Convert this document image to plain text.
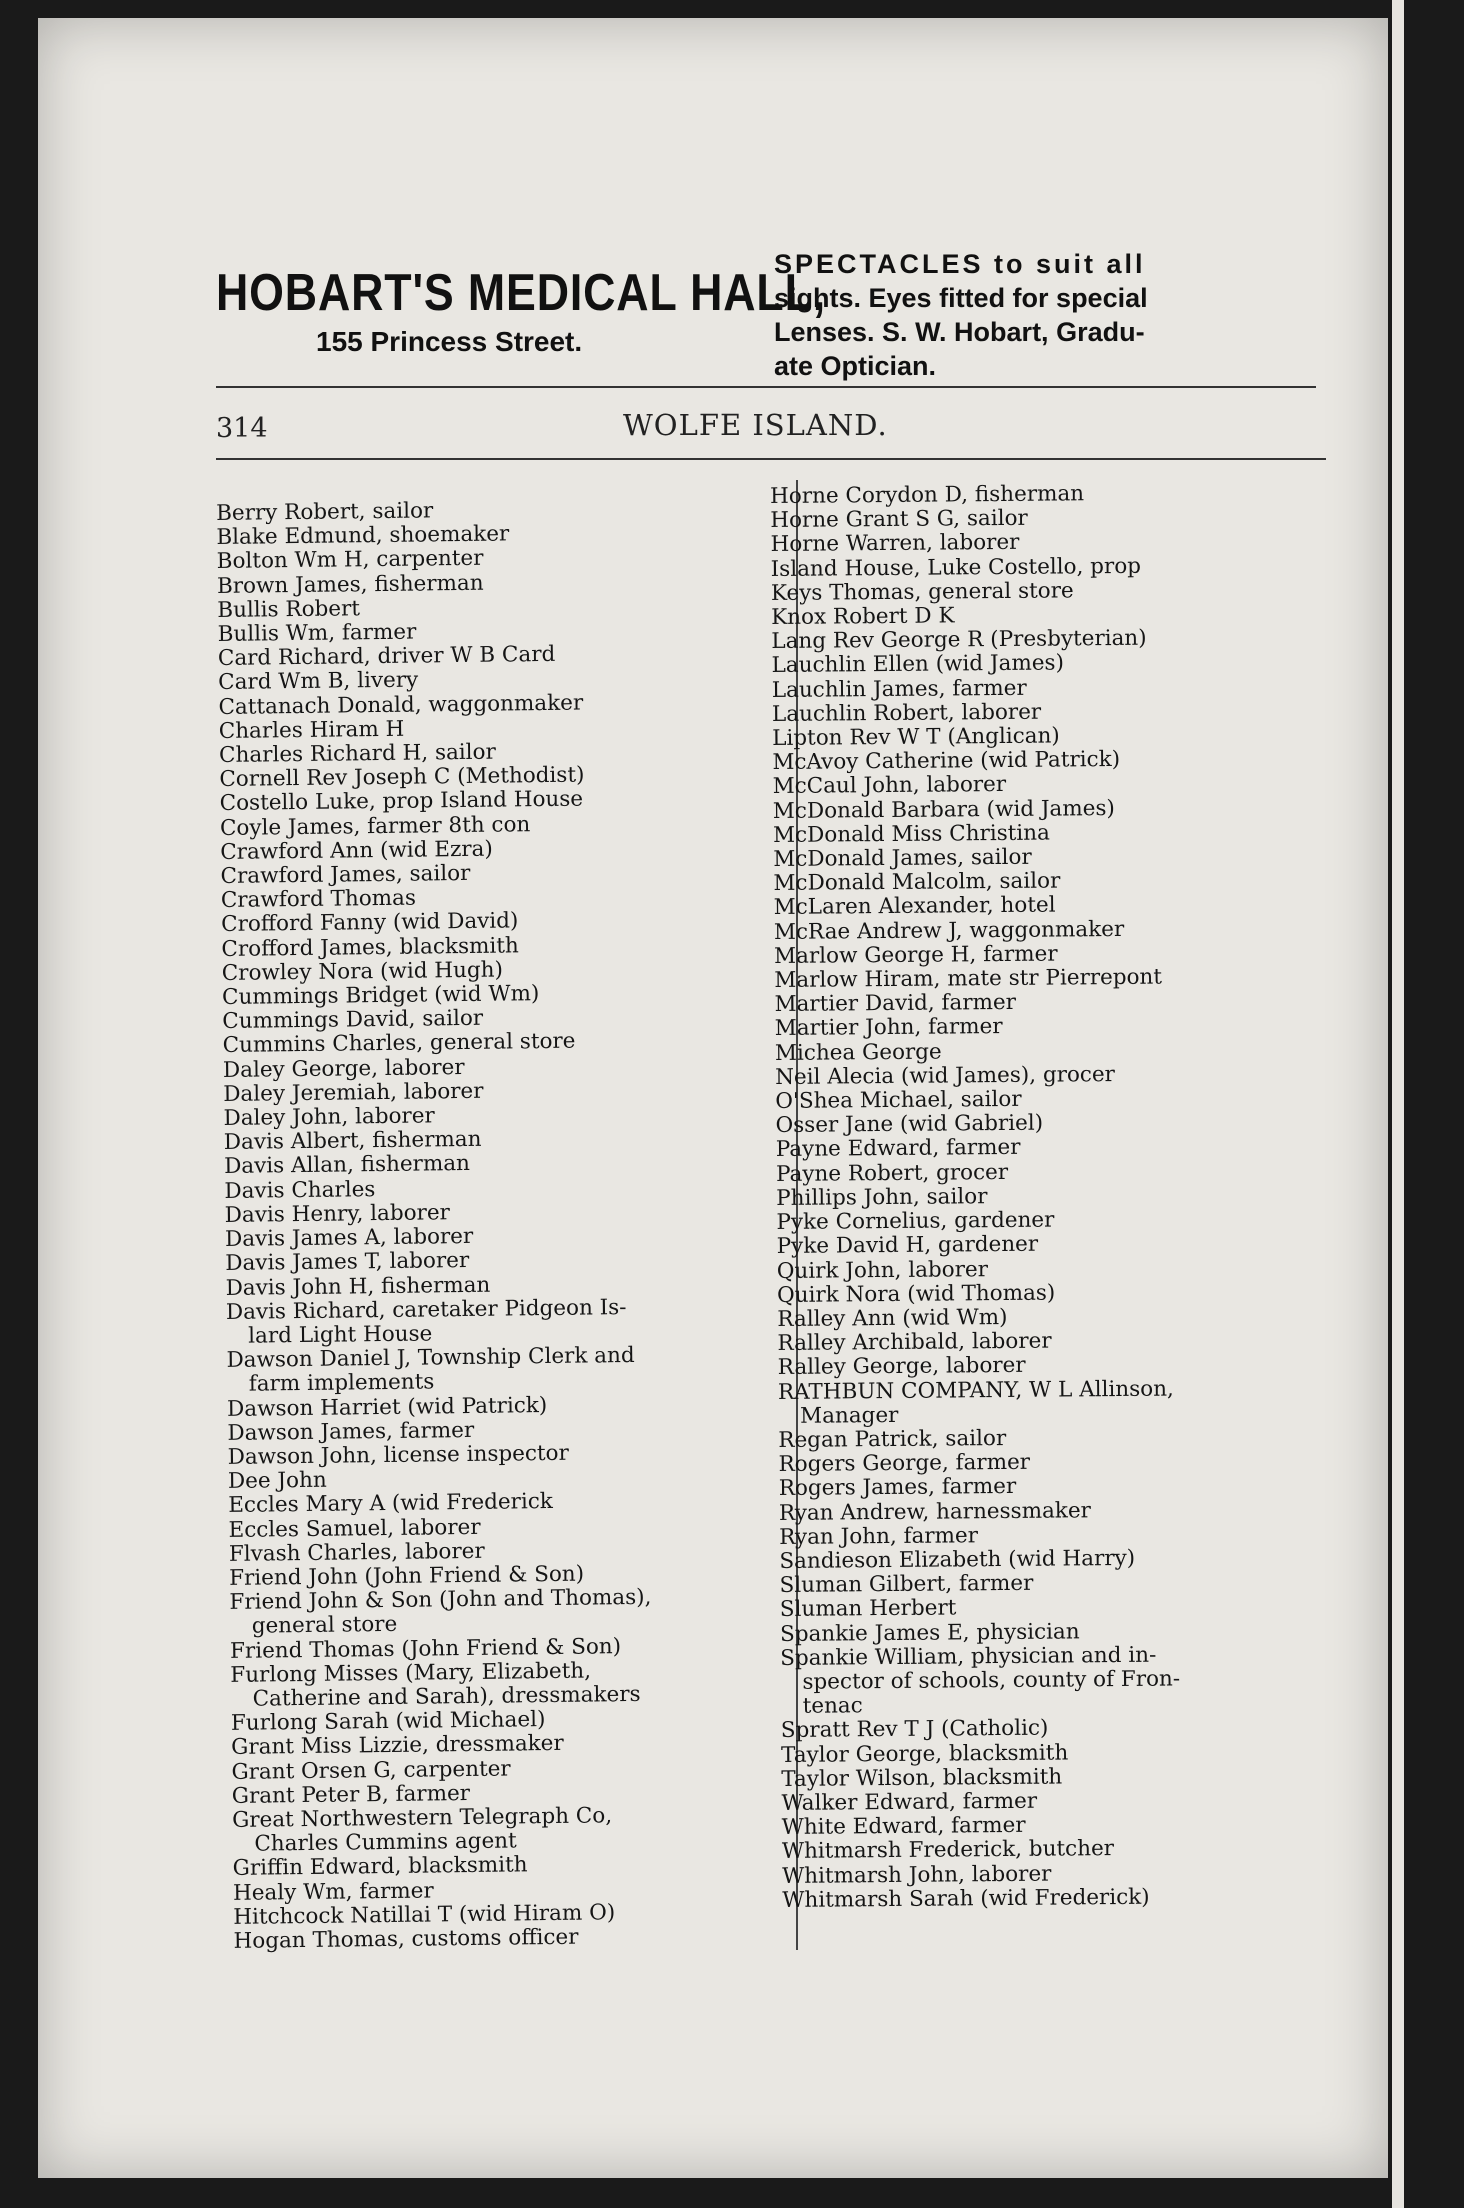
HOBART'S MEDICAL HALL,
155 Princess Street.
SPECTACLES to suit all
sights. Eyes fitted for special
Lenses. S. W. Hobart, Gradu-
ate Optician.
314	WOLFE ISLAND.
Berry Robert, sailor
Blake Edmund, shoemaker
Bolton Wm H, carpenter
Brown James, fisherman
Bullis Robert
Bullis Wm, farmer
Card Richard, driver W B Card
Card Wm B, livery
Cattanach Donald, waggonmaker
Charles Hiram H
Charles Richard H, sailor
Cornell Rev Joseph C (Methodist)
Costello Luke, prop Island House
Coyle James, farmer 8th con
Crawford Ann (wid Ezra)
Crawford James, sailor
Crawford Thomas
Crofford Fanny (wid David)
Crofford James, blacksmith
Crowley Nora (wid Hugh)
Cummings Bridget (wid Wm)
Cummings David, sailor
Cummins Charles, general store
Daley George, laborer
Daley Jeremiah, laborer
Daley John, laborer
Davis Albert, fisherman
Davis Allan, fisherman
Davis Charles
Davis Henry, laborer
Davis James A, laborer
Davis James T, laborer
Davis John H, fisherman
Davis Richard, caretaker Pidgeon Is-
lard Light House
Dawson Daniel J, Township Clerk and
farm implements
Dawson Harriet (wid Patrick)
Dawson James, farmer
Dawson John, license inspector
Dee John
Eccles Mary A (wid Frederick
Eccles Samuel, laborer
Flvash Charles, laborer
Friend John (John Friend & Son)
Friend John & Son (John and Thomas),
general store
Friend Thomas (John Friend & Son)
Furlong Misses (Mary, Elizabeth,
Catherine and Sarah), dressmakers
Furlong Sarah (wid Michael)
Grant Miss Lizzie, dressmaker
Grant Orsen G, carpenter
Grant Peter B, farmer
Great Northwestern Telegraph Co,
Charles Cummins agent
Griffin Edward, blacksmith
Healy Wm, farmer
Hitchcock Natillai T (wid Hiram O)
Hogan Thomas, customs officer
Horne Corydon D, fisherman
Horne Grant S G, sailor
Horne Warren, laborer
Island House, Luke Costello, prop
Keys Thomas, general store
Knox Robert D K
Lang Rev George R (Presbyterian)
Lauchlin Ellen (wid James)
Lauchlin James, farmer
Lauchlin Robert, laborer
Lipton Rev W T (Anglican)
McAvoy Catherine (wid Patrick)
McCaul John, laborer
McDonald Barbara (wid James)
McDonald Miss Christina
McDonald James, sailor
McDonald Malcolm, sailor
McLaren Alexander, hotel
McRae Andrew J, waggonmaker
Marlow George H, farmer
Marlow Hiram, mate str Pierrepont
Martier David, farmer
Martier John, farmer
Michea George
Neil Alecia (wid James), grocer
O'Shea Michael, sailor
Osser Jane (wid Gabriel)
Payne Edward, farmer
Payne Robert, grocer
Phillips John, sailor
Pyke Cornelius, gardener
Pyke David H, gardener
Quirk John, laborer
Quirk Nora (wid Thomas)
Ralley Ann (wid Wm)
Ralley Archibald, laborer
Ralley George, laborer
RATHBUN COMPANY, W L Allinson,
Manager
Regan Patrick, sailor
Rogers George, farmer
Rogers James, farmer
Ryan Andrew, harnessmaker
Ryan John, farmer
Sandieson Elizabeth (wid Harry)
Sluman Gilbert, farmer
Sluman Herbert
Spankie James E, physician
Spankie William, physician and in-
spector of schools, county of Fron-
tenac
Spratt Rev T J (Catholic)
Taylor George, blacksmith
Taylor Wilson, blacksmith
Walker Edward, farmer
White Edward, farmer
Whitmarsh Frederick, butcher
Whitmarsh John, laborer
Whitmarsh Sarah (wid Frederick)
